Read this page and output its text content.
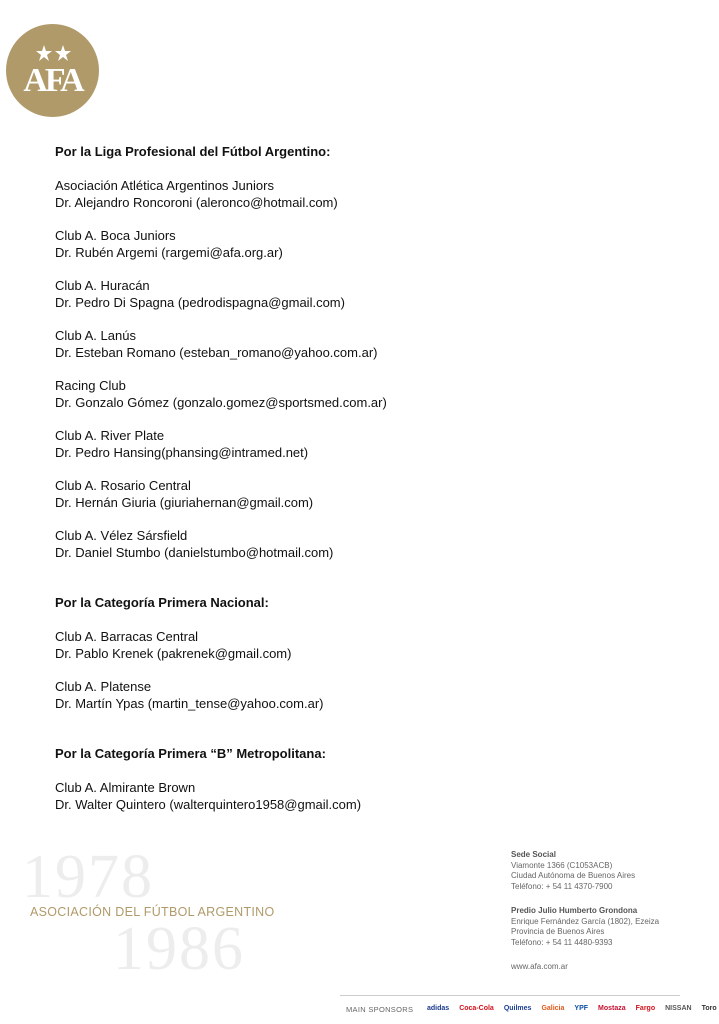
AFA
Por la Liga Profesional del Fútbol Argentino:
Asociación Atlética Argentinos Juniors
Dr. Alejandro Roncoroni (aleronco@hotmail.com)
Club A. Boca Juniors
Dr. Rubén Argemi (rargemi@afa.org.ar)
Club A. Huracán
Dr. Pedro Di Spagna (pedrodispagna@gmail.com)
Club A. Lanús
Dr. Esteban Romano (esteban_romano@yahoo.com.ar)
Racing Club
Dr. Gonzalo Gómez (gonzalo.gomez@sportsmed.com.ar)
Club A. River Plate
Dr. Pedro Hansing(phansing@intramed.net)
Club A. Rosario Central
Dr. Hernán Giuria (giuriahernan@gmail.com)
Club A. Vélez Sársfield
Dr. Daniel Stumbo (danielstumbo@hotmail.com)
Por la Categoría Primera Nacional:
Club A. Barracas Central
Dr. Pablo Krenek (pakrenek@gmail.com)
Club A. Platense
Dr. Martín Ypas (martin_tense@yahoo.com.ar)
Por la Categoría Primera “B” Metropolitana:
Club A. Almirante Brown
Dr. Walter Quintero (walterquintero1958@gmail.com)
1978
1986
ASOCIACIÓN DEL FÚTBOL ARGENTINO
Sede Social
Viamonte 1366 (C1053ACB)
Ciudad Autónoma de Buenos Aires
Teléfono: + 54 11 4370-7900
Predio Julio Humberto Grondona
Enrique Fernández García (1802), Ezeiza
Provincia de Buenos Aires
Teléfono: + 54 11 4480-9393
www.afa.com.ar
MAIN SPONSORS adidas Coca-Cola Quilmes Galicia YPF Mostaza Fargo NISSAN Toro
